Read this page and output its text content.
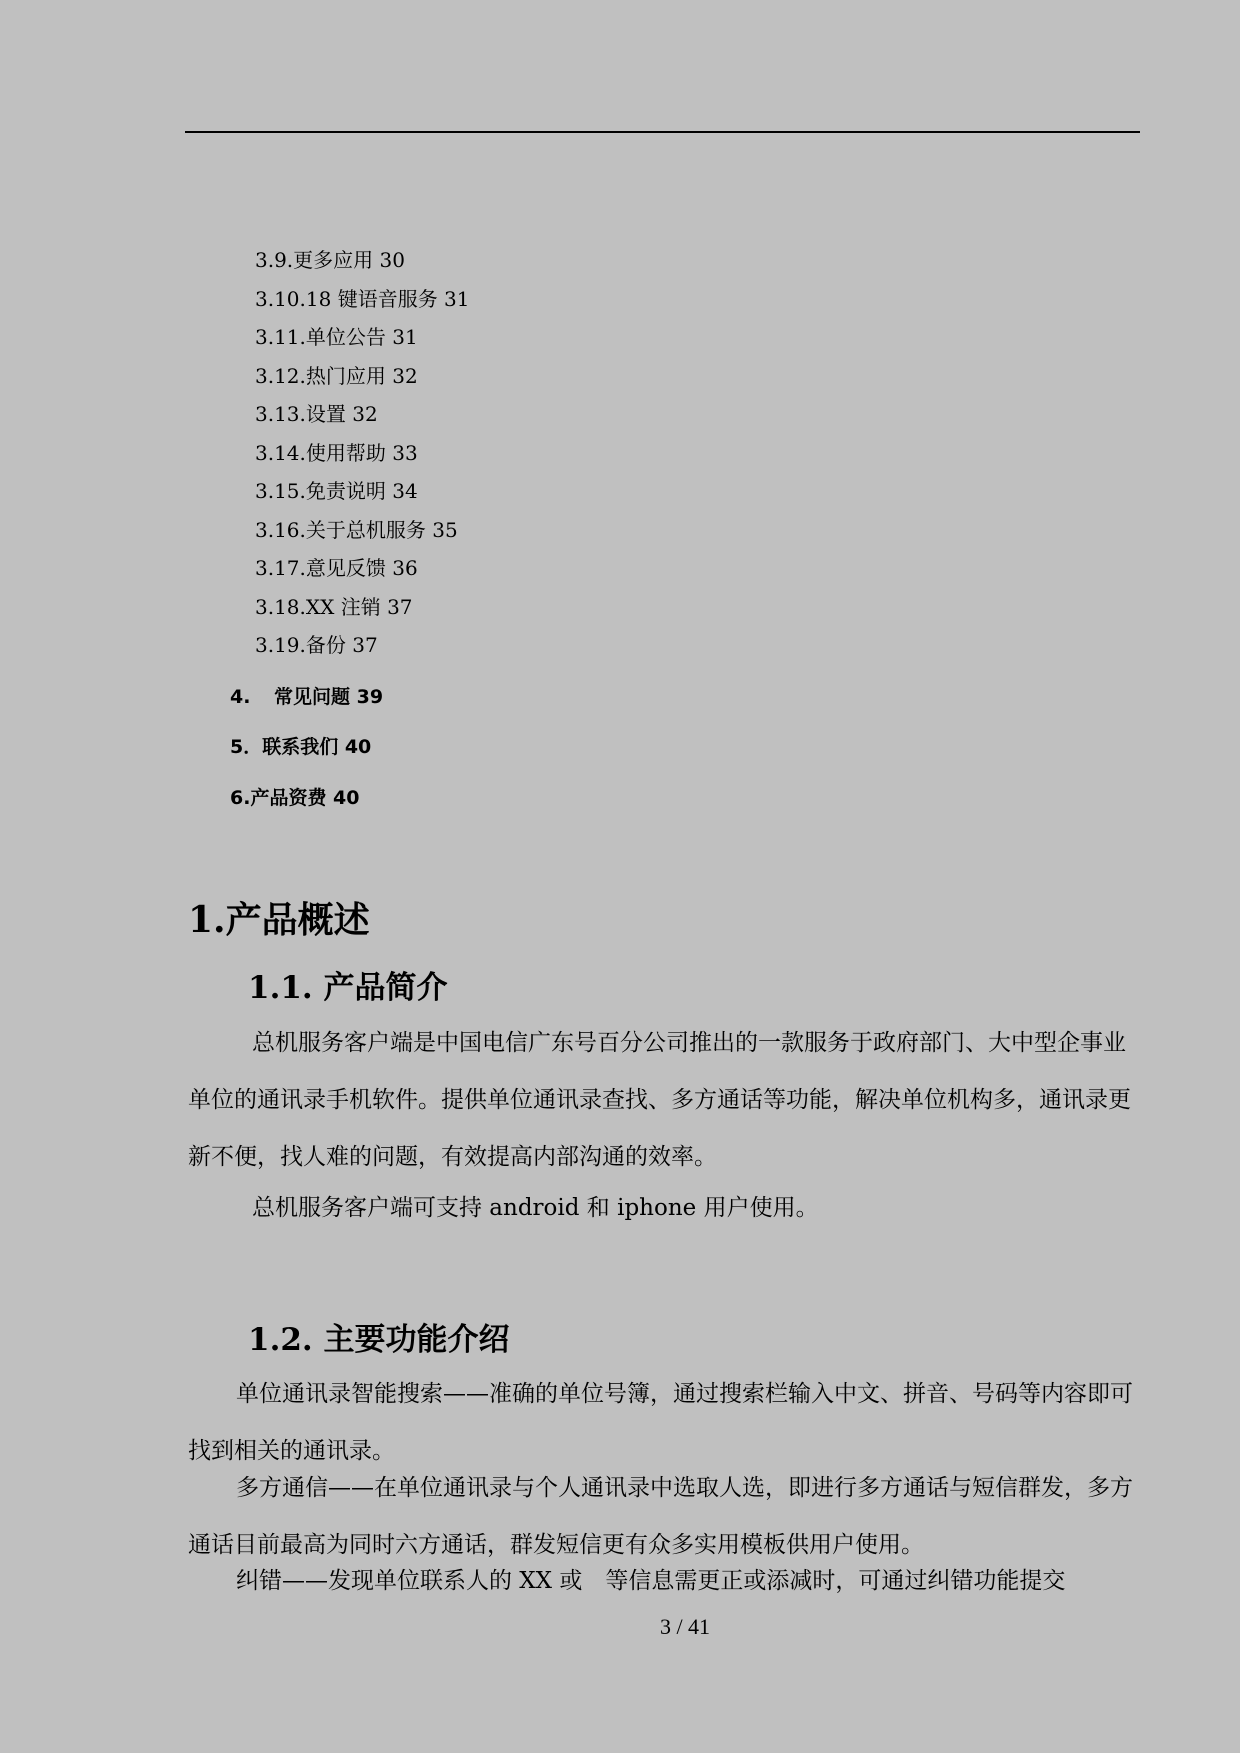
3.9.更多应用 30
3.10.18 键语音服务 31
3.11.单位公告 31
3.12.热门应用 32
3.13.设置 32
3.14.使用帮助 33
3.15.免责说明 34
3.16.关于总机服务 35
3.17.意见反馈 36
3.18.XX 注销 37
3.19.备份 37
4. 常见问题 39
5．联系我们 40
6.产品资费 40
1.产品概述
1.1. 产品简介

总机服务客户端是中国电信广东号百分公司推出的一款服务于政府部门、大中型企事业单位的通讯录手机软件。提供单位通讯录查找、多方通话等功能，解决单位机构多，通讯录更新不便，找人难的问题，有效提高内部沟通的效率。

总机服务客户端可支持 android 和 iphone 用户使用。

1.2. 主要功能介绍

单位通讯录智能搜索——准确的单位号簿，通过搜索栏输入中文、拼音、号码等内容即可找到相关的通讯录。

多方通信——在单位通讯录与个人通讯录中选取人选，即进行多方通话与短信群发，多方通话目前最高为同时六方通话，群发短信更有众多实用模板供用户使用。

纠错——发现单位联系人的 XX 或　等信息需更正或添减时，可通过纠错功能提交

3 / 41
